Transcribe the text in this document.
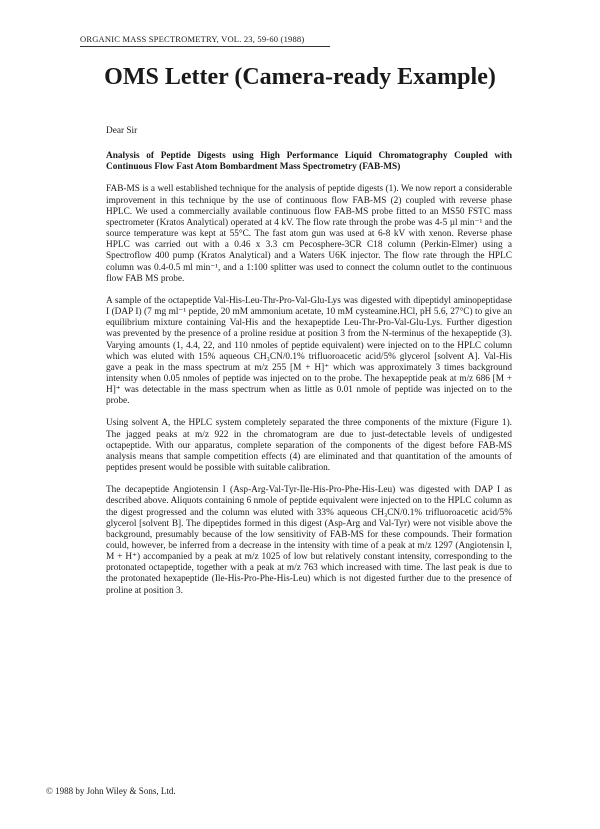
ORGANIC MASS SPECTROMETRY, VOL. 23, 59-60 (1988)
OMS Letter (Camera-ready Example)

Dear Sir

Analysis of Peptide Digests using High Performance Liquid Chromatography Coupled with Continuous Flow Fast Atom Bombardment Mass Spectrometry (FAB-MS)

FAB-MS is a well established technique for the analysis of peptide digests (1). We now report a considerable improvement in this technique by the use of continuous flow FAB-MS (2) coupled with reverse phase HPLC. We used a commercially available continuous flow FAB-MS probe fitted to an MS50 FSTC mass spectrometer (Kratos Analytical) operated at 4 kV. The flow rate through the probe was 4-5 µl min⁻¹ and the source temperature was kept at 55°C. The fast atom gun was used at 6-8 kV with xenon. Reverse phase HPLC was carried out with a 0.46 x 3.3 cm Pecosphere-3CR C18 column (Perkin-Elmer) using a Spectroflow 400 pump (Kratos Analytical) and a Waters U6K injector. The flow rate through the HPLC column was 0.4-0.5 ml min⁻¹, and a 1:100 splitter was used to connect the column outlet to the continuous flow FAB MS probe.

A sample of the octapeptide Val-His-Leu-Thr-Pro-Val-Glu-Lys was digested with dipeptidyl aminopeptidase I (DAP I) (7 mg ml⁻¹ peptide, 20 mM ammonium acetate, 10 mM cysteamine.HCl, pH 5.6, 27°C) to give an equilibrium mixture containing Val-His and the hexapeptide Leu-Thr-Pro-Val-Glu-Lys. Further digestion was prevented by the presence of a proline residue at position 3 from the N-terminus of the hexapeptide (3). Varying amounts (1, 4.4, 22, and 110 nmoles of peptide equivalent) were injected on to the HPLC column which was eluted with 15% aqueous CH₃CN/0.1% trifluoroacetic acid/5% glycerol [solvent A]. Val-His gave a peak in the mass spectrum at m/z 255 [M + H]⁺ which was approximately 3 times background intensity when 0.05 nmoles of peptide was injected on to the probe. The hexapeptide peak at m/z 686 [M + H]⁺ was detectable in the mass spectrum when as little as 0.01 nmole of peptide was injected on to the probe.

Using solvent A, the HPLC system completely separated the three components of the mixture (Figure 1). The jagged peaks at m/z 922 in the chromatogram are due to just-detectable levels of undigested octapeptide. With our apparatus, complete separation of the components of the digest before FAB-MS analysis means that sample competition effects (4) are eliminated and that quantitation of the amounts of peptides present would be possible with suitable calibration.

The decapeptide Angiotensin I (Asp-Arg-Val-Tyr-Ile-His-Pro-Phe-His-Leu) was digested with DAP I as described above. Aliquots containing 6 nmole of peptide equivalent were injected on to the HPLC column as the digest progressed and the column was eluted with 33% aqueous CH₃CN/0.1% trifluoroacetic acid/5% glycerol [solvent B]. The dipeptides formed in this digest (Asp-Arg and Val-Tyr) were not visible above the background, presumably because of the low sensitivity of FAB-MS for these compounds. Their formation could, however, be inferred from a decrease in the intensity with time of a peak at m/z 1297 (Angiotensin I, M + H⁺) accompanied by a peak at m/z 1025 of low but relatively constant intensity, corresponding to the protonated octapeptide, together with a peak at m/z 763 which increased with time. The last peak is due to the protonated hexapeptide (Ile-His-Pro-Phe-His-Leu) which is not digested further due to the presence of proline at position 3.

© 1988 by John Wiley & Sons, Ltd.
